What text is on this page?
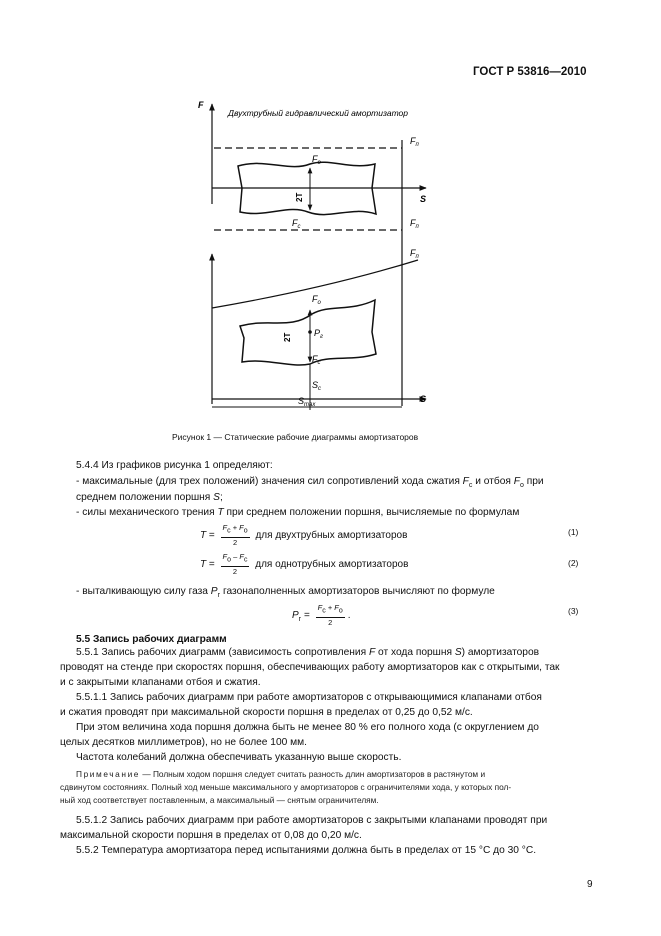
ГОСТ Р 53816—2010
Двухтрубный гидравлический амортизатор
F
S
S
$F_п$
$F_п$
$F_п$
$F_о$
$F_с$
2Т
$F_о$
2Т $P_г$
$F_с$
$S_с$
$S_{max}$
Рисунок 1 — Статические рабочие диаграммы амортизаторов
5.4.4 Из графиков рисунка 1 определяют:
- максимальные (для трех положений) значения сил сопротивлений хода сжатия $F_с$ и отбоя $F_о$ при
среднем положении поршня S;
- силы механического трения T при среднем положении поршня, вычисляемые по формулам
$T = \frac{F_с + F_о}{2}$ для двухтрубных амортизаторов	(1)
$T = \frac{F_о - F_с}{2}$ для однотрубных амортизаторов	(2)
- выталкивающую силу газа $P_г$ газонаполненных амортизаторов вычисляют по формуле
$P_г = \frac{F_с + F_о}{2}$ .	(3)
5.5 Запись рабочих диаграмм
5.5.1 Запись рабочих диаграмм (зависимость сопротивления F от хода поршня S) амортизаторов
проводят на стенде при скоростях поршня, обеспечивающих работу амортизаторов как с открытыми, так
и с закрытыми клапанами отбоя и сжатия.
5.5.1.1 Запись рабочих диаграмм при работе амортизаторов с открывающимися клапанами отбоя
и сжатия проводят при максимальной скорости поршня в пределах от 0,25 до 0,52 м/с.
При этом величина хода поршня должна быть не менее 80 % его полного хода (с округлением до
целых десятков миллиметров), но не более 100 мм.
Частота колебаний должна обеспечивать указанную выше скорость.
Примечание — Полным ходом поршня следует считать разность длин амортизаторов в растянутом и
сдвинутом состояниях. Полный ход меньше максимального у амортизаторов с ограничителями хода, у которых пол-
ный ход соответствует поставленным, а максимальный — снятым ограничителям.
5.5.1.2 Запись рабочих диаграмм при работе амортизаторов с закрытыми клапанами проводят при
максимальной скорости поршня в пределах от 0,08 до 0,20 м/с.
5.5.2 Температура амортизатора перед испытаниями должна быть в пределах от 15 °С до 30 °С.
9
